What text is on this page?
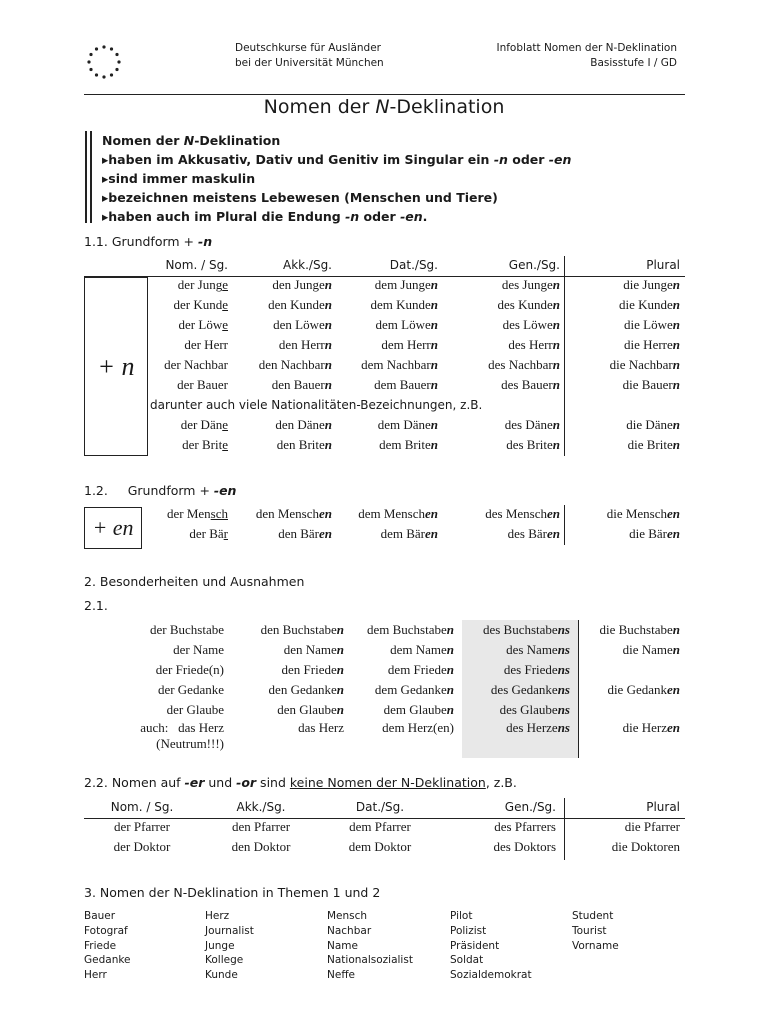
Deutschkurse für Ausländer
bei der Universität München
Infoblatt Nomen der N-Deklination
Basisstufe I / GD
Nomen der N-Deklination
Nomen der N-Deklination
▸haben im Akkusativ, Dativ und Genitiv im Singular ein -n oder -en
▸sind immer maskulin
▸bezeichnen meistens Lebewesen (Menschen und Tiere)
▸haben auch im Plural die Endung -n oder -en.
1.1. Grundform + -n
+ n
Nom. / Sg.	Akk./Sg.	Dat./Sg.	Gen./Sg.	Plural
der Junge	den Jungen	dem Jungen	des Jungen	die Jungen
der Kunde	den Kunden	dem Kunden	des Kunden	die Kunden
der Löwe	den Löwen	dem Löwen	des Löwen	die Löwen
der Herr	den Herrn	dem Herrn	des Herrn	die Herren
der Nachbar	den Nachbarn	dem Nachbarn	des Nachbarn	die Nachbarn
der Bauer	den Bauern	dem Bauern	des Bauern	die Bauern
darunter auch viele Nationalitäten-Bezeichnungen, z.B.				
der Däne	den Dänen	dem Dänen	des Dänen	die Dänen
der Brite	den Briten	dem Briten	des Briten	die Briten
1.2.     Grundform + -en
+ en
der Mensch	den Menschen	dem Menschen	des Menschen	die Menschen
der Bär	den Bären	dem Bären	des Bären	die Bären
2. Besonderheiten und Ausnahmen
2.1.
der Buchstabe	den Buchstaben	dem Buchstaben	des Buchstabens	die Buchstaben
der Name	den Namen	dem Namen	des Namens	die Namen
der Friede(n)	den Frieden	dem Frieden	des Friedens	
der Gedanke	den Gedanken	dem Gedanken	des Gedankens	die Gedanken
der Glaube	den Glauben	dem Glauben	des Glaubens	
auch: das Herz
(Neutrum!!!)	das Herz	dem Herz(en)	des Herzens	die Herzen
2.2. Nomen auf -er und -or sind keine Nomen der N-Deklination, z.B.
Nom. / Sg.	Akk./Sg.	Dat./Sg.	Gen./Sg.	Plural
der Pfarrer	den Pfarrer	dem Pfarrer	des Pfarrers	die Pfarrer
der Doktor	den Doktor	dem Doktor	des Doktors	die Doktoren
3. Nomen der N-Deklination in Themen 1 und 2
Bauer
Fotograf
Friede
Gedanke
Herr
Herz
Journalist
Junge
Kollege
Kunde
Mensch
Nachbar
Name
Nationalsozialist
Neffe
Pilot
Polizist
Präsident
Soldat
Sozialdemokrat
Student
Tourist
Vorname
